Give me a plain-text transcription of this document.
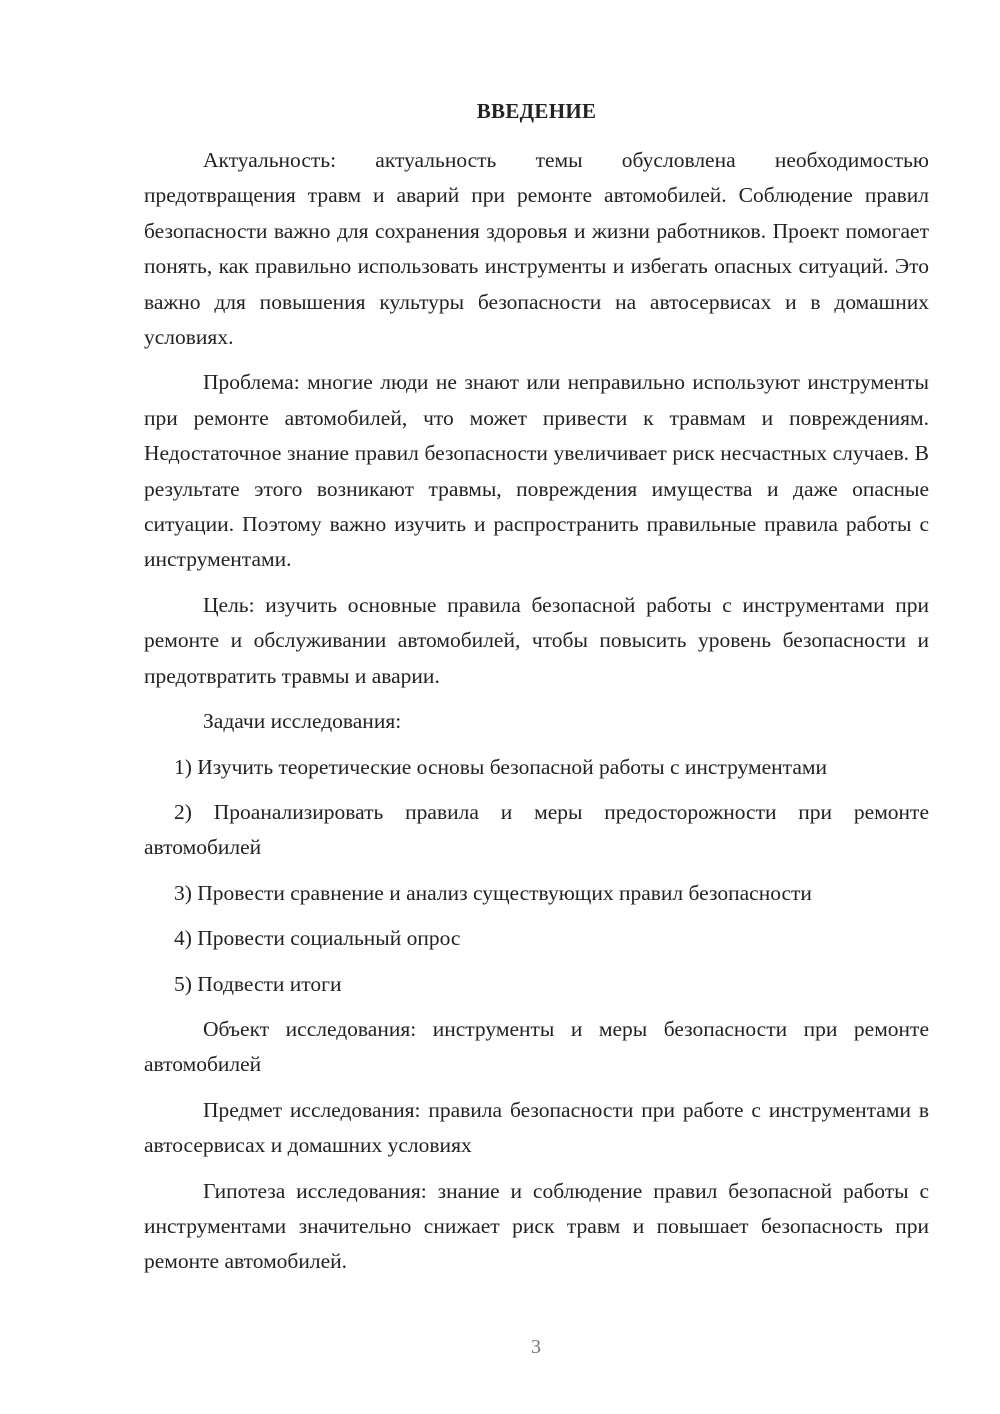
ВВЕДЕНИЕ

Актуальность: актуальность темы обусловлена необходимостью предотвращения травм и аварий при ремонте автомобилей. Соблюдение правил безопасности важно для сохранения здоровья и жизни работников. Проект помогает понять, как правильно использовать инструменты и избегать опасных ситуаций. Это важно для повышения культуры безопасности на автосервисах и в домашних условиях.

Проблема: многие люди не знают или неправильно используют инструменты при ремонте автомобилей, что может привести к травмам и повреждениям. Недостаточное знание правил безопасности увеличивает риск несчастных случаев. В результате этого возникают травмы, повреждения имущества и даже опасные ситуации. Поэтому важно изучить и распространить правильные правила работы с инструментами.

Цель: изучить основные правила безопасной работы с инструментами при ремонте и обслуживании автомобилей, чтобы повысить уровень безопасности и предотвратить травмы и аварии.

Задачи исследования:

1) Изучить теоретические основы безопасной работы с инструментами

2) Проанализировать правила и меры предосторожности при ремонте автомобилей

3) Провести сравнение и анализ существующих правил безопасности

4) Провести социальный опрос

5) Подвести итоги

Объект исследования: инструменты и меры безопасности при ремонте автомобилей

Предмет исследования: правила безопасности при работе с инструментами в автосервисах и домашних условиях

Гипотеза исследования: знание и соблюдение правил безопасной работы с инструментами значительно снижает риск травм и повышает безопасность при ремонте автомобилей.

3
